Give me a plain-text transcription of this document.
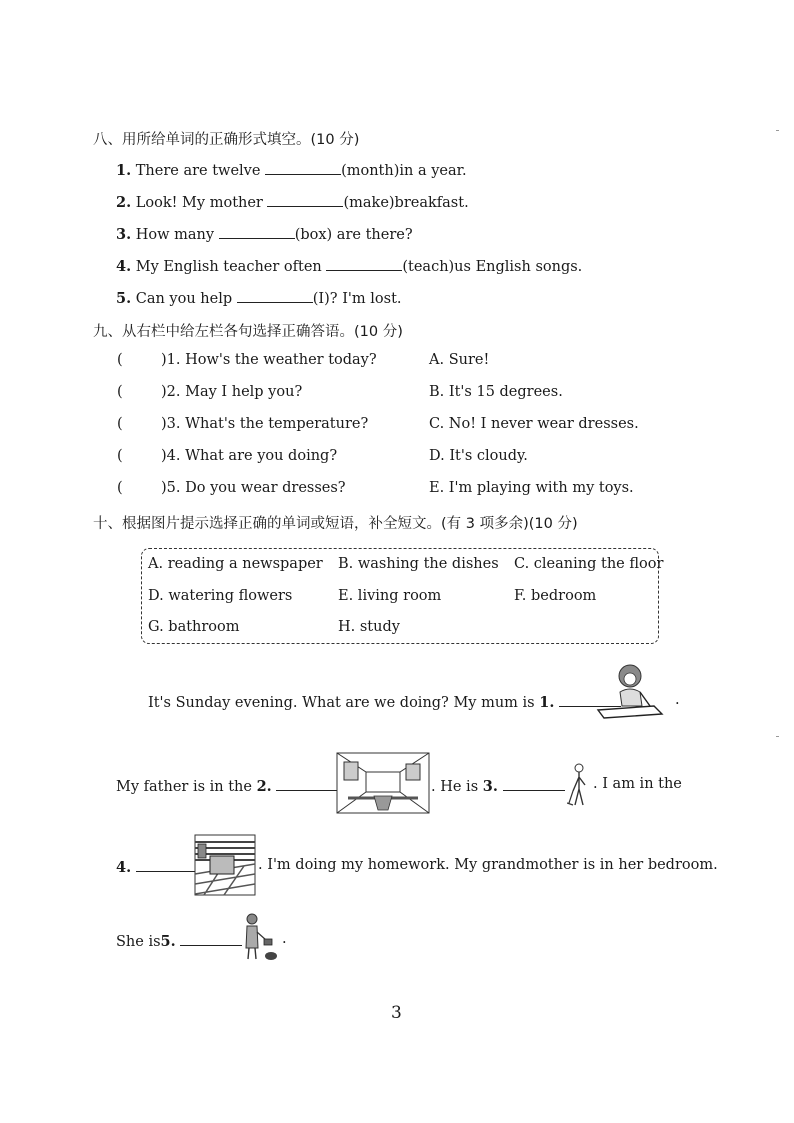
八、用所给单词的正确形式填空。(10 分)
1. There are twelve	(month)in a year.
2. Look! My mother	(make)breakfast.
3. How many	(box) are there?
4. My English teacher often	(teach)us English songs.
5. Can you help	(I)? I'm lost.
九、从右栏中给左栏各句选择正确答语。(10 分)
(	)1. How's the weather today?	A. Sure!
(	)2. May I help you?	B. It's 15 degrees.
(	)3. What's the temperature?	C. No! I never wear dresses.
(	)4. What are you doing?	D. It's cloudy.
(	)5. Do you wear dresses?	E. I'm playing with my toys.
十、根据图片提示选择正确的单词或短语，补全短文。(有 3 项多余)(10 分)
A. reading a newspaper B. washing the dishes C. cleaning the floor
D. watering flowers	E. living room	F. bedroom
G. bathroom	H. study
It's Sunday evening. What are we doing? My mum is 1.	.
My father is in the 2.	. He is 3.	. I am in the
4.	. I'm doing my homework. My grandmother is in her bedroom.
She is5.	.
3
